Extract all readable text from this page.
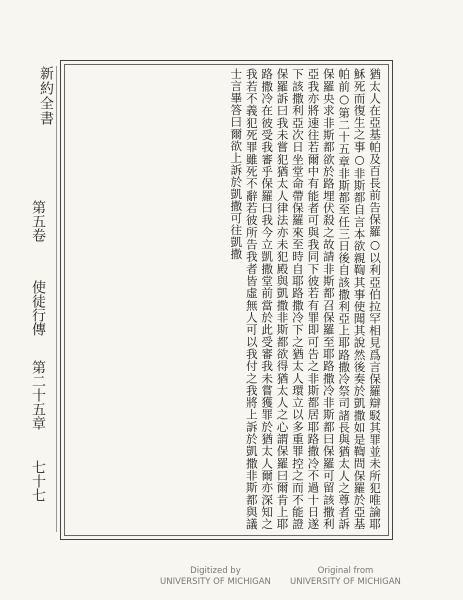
新約全書
第五卷
使徒行傳
第二十五章
七十七	猶太人在亞基帕及百長前告保羅○以利亞伯拉罕相見爲言保羅辯駁其罪並未所犯唯論耶穌死而復生之事○非斯都自言本欲親鞫其事使聞其說然後奏於凱撒如是鞫問保羅於亞基帕前○第二十五章非斯都至任三日後自該撒利亞上耶路撒冷祭司諸長與猶太人之尊者訴保羅央求非斯都欲於路埋伏殺之故請非斯都召保羅至耶路撒冷非斯都曰保羅可留該撒利亞我亦將速往若爾中有能者可與我同下彼若有罪即可告之非斯都居耶路撒冷不過十日遂下該撒利亞次日坐堂命帶保羅來至時自耶路撒冷下之猶太人環立以多重罪控之而不能證保羅訴曰我未嘗犯猶太人律法亦未犯殿與凱撒非斯都欲得猶太人之心謂保羅曰爾肯上耶路撒冷在彼受我審乎保羅曰我今立凱撒堂前當於此受審我未嘗獲罪於猶太人爾亦深知之我若不義犯死罪雖死不辭若彼所告我者皆虛無人可以我付之我將上訴於凱撒非斯都與議士言畢答曰爾欲上訴於凱撒可往凱撒
Digitized by
UNIVERSITY OF MICHIGAN
Original from
UNIVERSITY OF MICHIGAN
